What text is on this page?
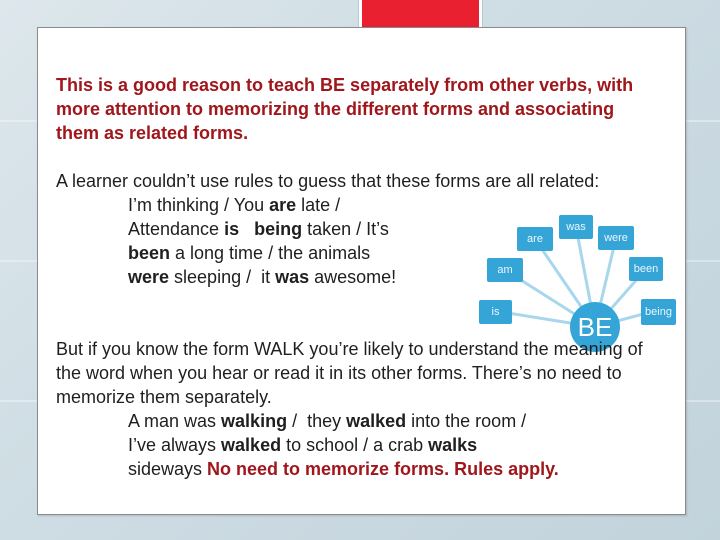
This is a good reason to teach BE separately from other verbs, with more attention to memorizing the different forms and associating them as related forms.

A learner couldn’t use rules to guess that these forms are all related:
I’m thinking / You are late /
Attendance is being taken / It’s
been a long time / the animals
were sleeping /  it was awesome!
is
am
are
was
were
been
being
BE
But if you know the form WALK you’re likely to understand the meaning of the word when you hear or read it in its other forms. There’s no need to memorize them separately.
A man was walking /  they walked into the room /
I’ve always walked to school / a crab walks
sideways No need to memorize forms. Rules apply.
